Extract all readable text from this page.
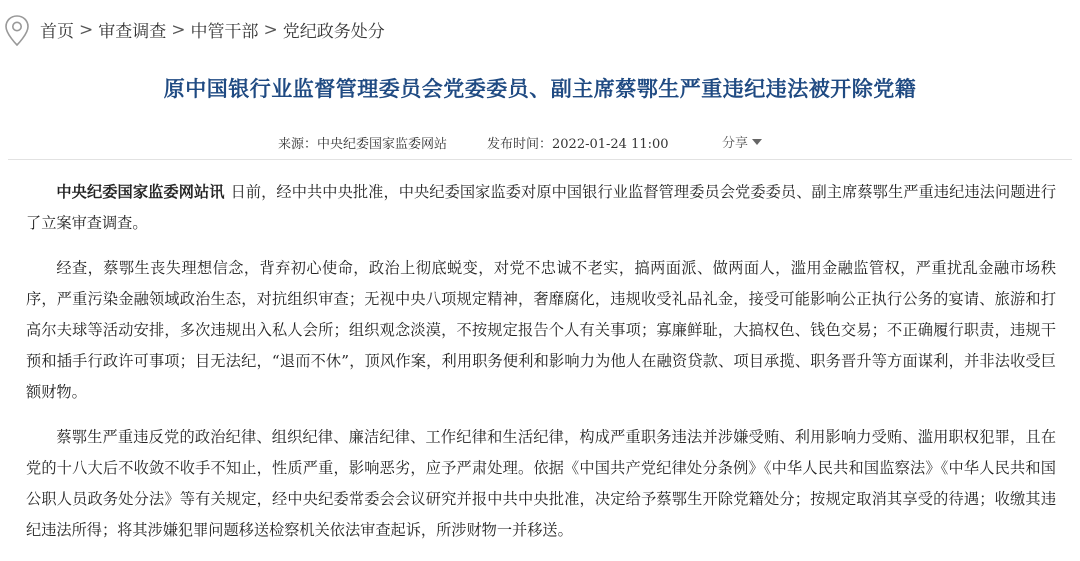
首页 > 审查调查 > 中管干部 > 党纪政务处分
原中国银行业监督管理委员会党委委员、副主席蔡鄂生严重违纪违法被开除党籍
来源：中央纪委国家监委网站	发布时间：2022-01-24 11:00	分享

中央纪委国家监委网站讯 日前，经中共中央批准，中央纪委国家监委对原中国银行业监督管理委员会党委委员、副主席蔡鄂生严重违纪违法问题进行了立案审查调查。

经查，蔡鄂生丧失理想信念，背弃初心使命，政治上彻底蜕变，对党不忠诚不老实，搞两面派、做两面人，滥用金融监管权，严重扰乱金融市场秩序，严重污染金融领域政治生态，对抗组织审查；无视中央八项规定精神，奢靡腐化，违规收受礼品礼金，接受可能影响公正执行公务的宴请、旅游和打高尔夫球等活动安排，多次违规出入私人会所；组织观念淡漠，不按规定报告个人有关事项；寡廉鲜耻，大搞权色、钱色交易；不正确履行职责，违规干预和插手行政许可事项；目无法纪，“退而不休”，顶风作案，利用职务便利和影响力为他人在融资贷款、项目承揽、职务晋升等方面谋利，并非法收受巨额财物。

蔡鄂生严重违反党的政治纪律、组织纪律、廉洁纪律、工作纪律和生活纪律，构成严重职务违法并涉嫌受贿、利用影响力受贿、滥用职权犯罪，且在党的十八大后不收敛不收手不知止，性质严重，影响恶劣，应予严肃处理。依据《中国共产党纪律处分条例》《中华人民共和国监察法》《中华人民共和国公职人员政务处分法》等有关规定，经中央纪委常委会会议研究并报中共中央批准，决定给予蔡鄂生开除党籍处分；按规定取消其享受的待遇；收缴其违纪违法所得；将其涉嫌犯罪问题移送检察机关依法审查起诉，所涉财物一并移送。
